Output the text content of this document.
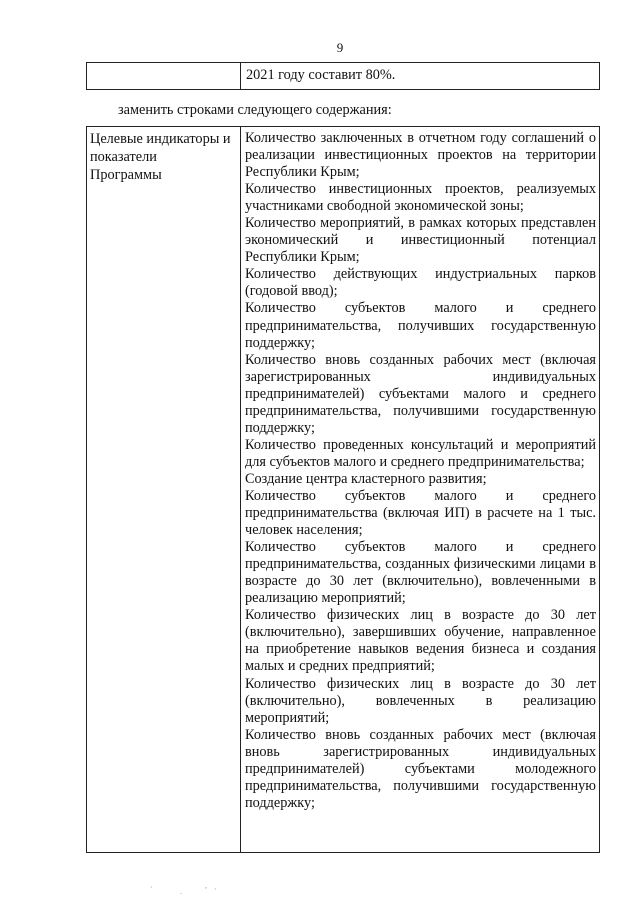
9
2021 году составит 80%.
заменить строками следующего содержания:
Целевые индикаторы и
показатели
Программы

Количество заключенных в отчетном году соглашений о реализации инвестиционных проектов на территории Республики Крым;

Количество инвестиционных проектов, реализуемых участниками свободной экономической зоны;

Количество мероприятий, в рамках которых представлен экономический и инвестиционный потенциал Республики Крым;

Количество действующих индустриальных парков (годовой ввод);

Количество субъектов малого и среднего предпринимательства, получивших государственную поддержку;

Количество вновь созданных рабочих мест (включая зарегистрированных индивидуальных предпринимателей) субъектами малого и среднего предпринимательства, получившими государственную поддержку;

Количество проведенных консультаций и мероприятий для субъектов малого и среднего предпринимательства;

Создание центра кластерного развития;

Количество субъектов малого и среднего предпринимательства (включая ИП) в расчете на 1 тыс. человек населения;

Количество субъектов малого и среднего предпринимательства, созданных физическими лицами в возрасте до 30 лет (включительно), вовлеченными в реализацию мероприятий;

Количество физических лиц в возрасте до 30 лет (включительно), завершивших обучение, направленное на приобретение навыков ведения бизнеса и создания малых и средних предприятий;

Количество физических лиц в возрасте до 30 лет (включительно), вовлеченных в реализацию мероприятий;

Количество вновь созданных рабочих мест (включая вновь зарегистрированных индивидуальных предпринимателей) субъектами молодежного предпринимательства, получившими государственную поддержку;

·	.
, ·
